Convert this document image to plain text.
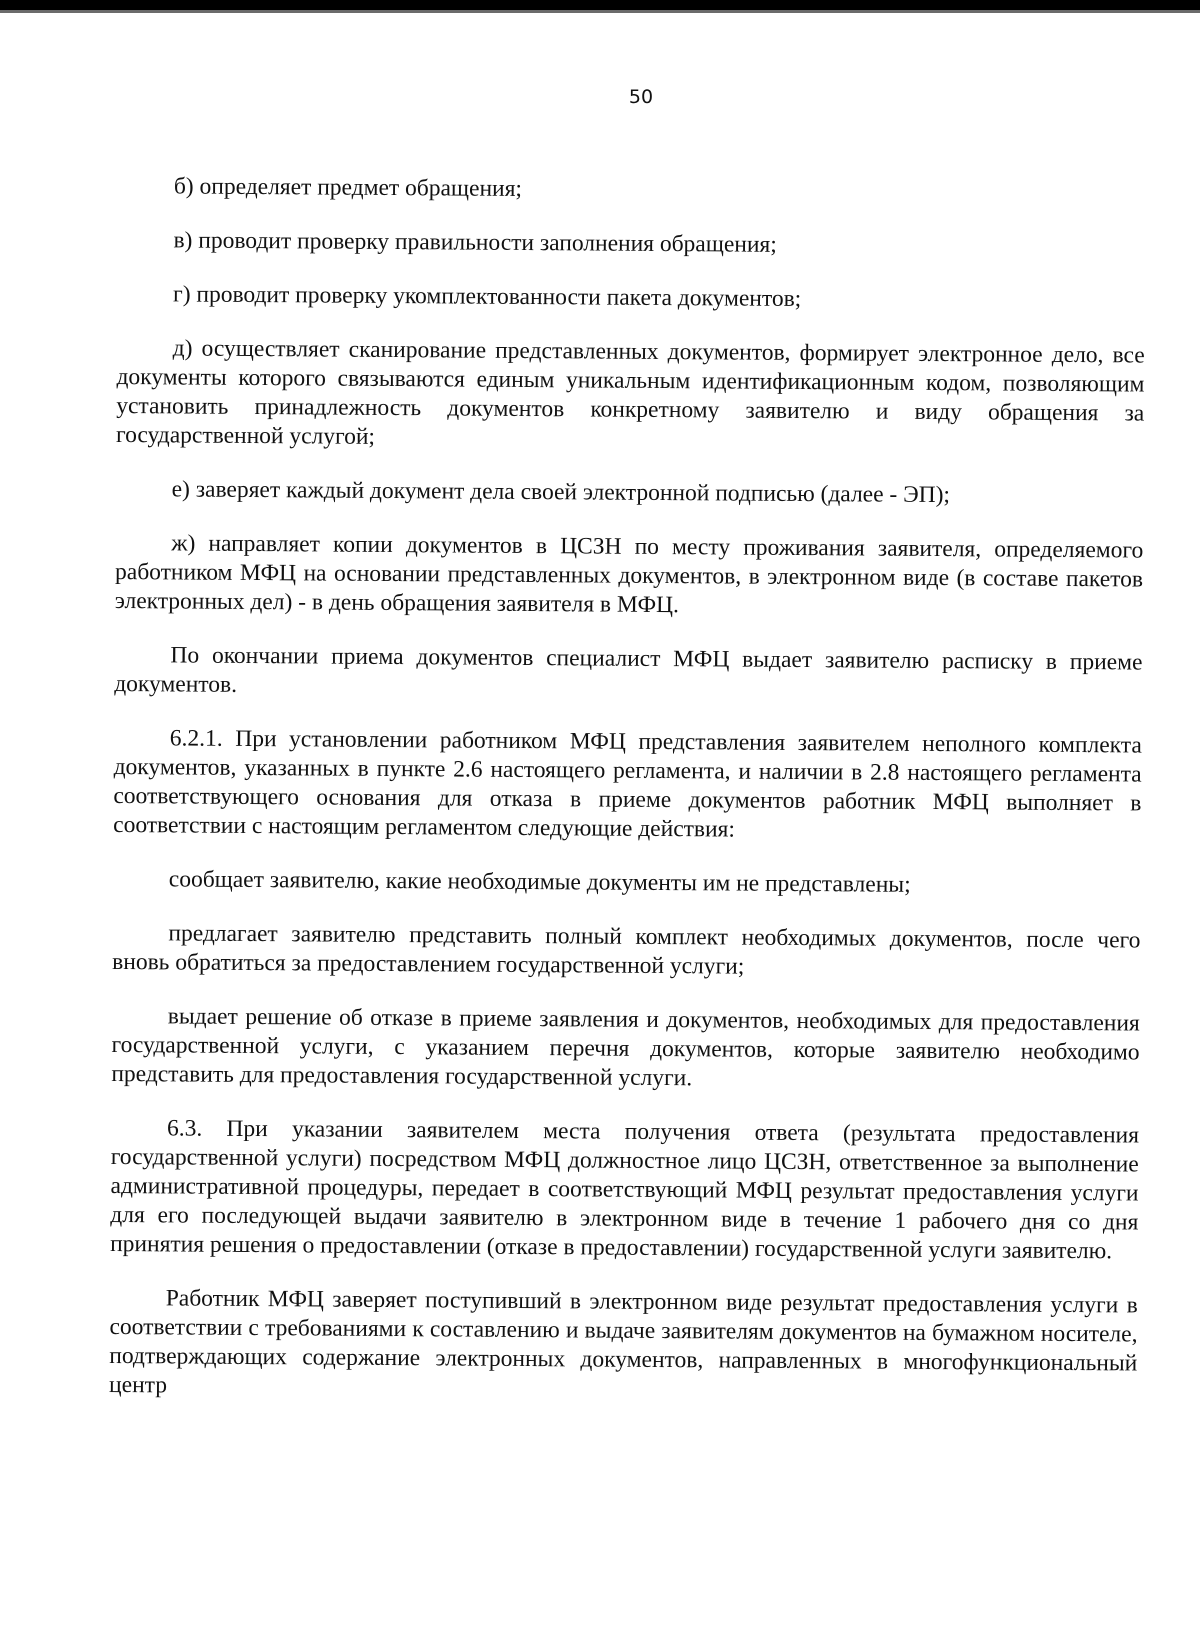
50

б) определяет предмет обращения;

в) проводит проверку правильности заполнения обращения;

г) проводит проверку укомплектованности пакета документов;

д) осуществляет сканирование представленных документов, формирует электронное дело, все документы которого связываются единым уникальным идентификационным кодом, позволяющим установить принадлежность документов конкретному заявителю и виду обращения за государственной услугой;

е) заверяет каждый документ дела своей электронной подписью (далее - ЭП);

ж) направляет копии документов в ЦСЗН по месту проживания заявителя, определяемого работником МФЦ на основании представленных документов, в электронном виде (в составе пакетов электронных дел) - в день обращения заявителя в МФЦ.

По окончании приема документов специалист МФЦ выдает заявителю расписку в приеме документов.

6.2.1. При установлении работником МФЦ представления заявителем неполного комплекта документов, указанных в пункте 2.6 настоящего регламента, и наличии в 2.8 настоящего регламента соответствующего основания для отказа в приеме документов работник МФЦ выполняет в соответствии с настоящим регламентом следующие действия:

сообщает заявителю, какие необходимые документы им не представлены;

предлагает заявителю представить полный комплект необходимых документов, после чего вновь обратиться за предоставлением государственной услуги;

выдает решение об отказе в приеме заявления и документов, необходимых для предоставления государственной услуги, с указанием перечня документов, которые заявителю необходимо представить для предоставления государственной услуги.

6.3. При указании заявителем места получения ответа (результата предоставления государственной услуги) посредством МФЦ должностное лицо ЦСЗН, ответственное за выполнение административной процедуры, передает в соответствующий МФЦ результат предоставления услуги для его последующей выдачи заявителю в электронном виде в течение 1 рабочего дня со дня принятия решения о предоставлении (отказе в предоставлении) государственной услуги заявителю.

Работник МФЦ заверяет поступивший в электронном виде результат предоставления услуги в соответствии с требованиями к составлению и выдаче заявителям документов на бумажном носителе, подтверждающих содержание электронных документов, направленных в многофункциональный центр
